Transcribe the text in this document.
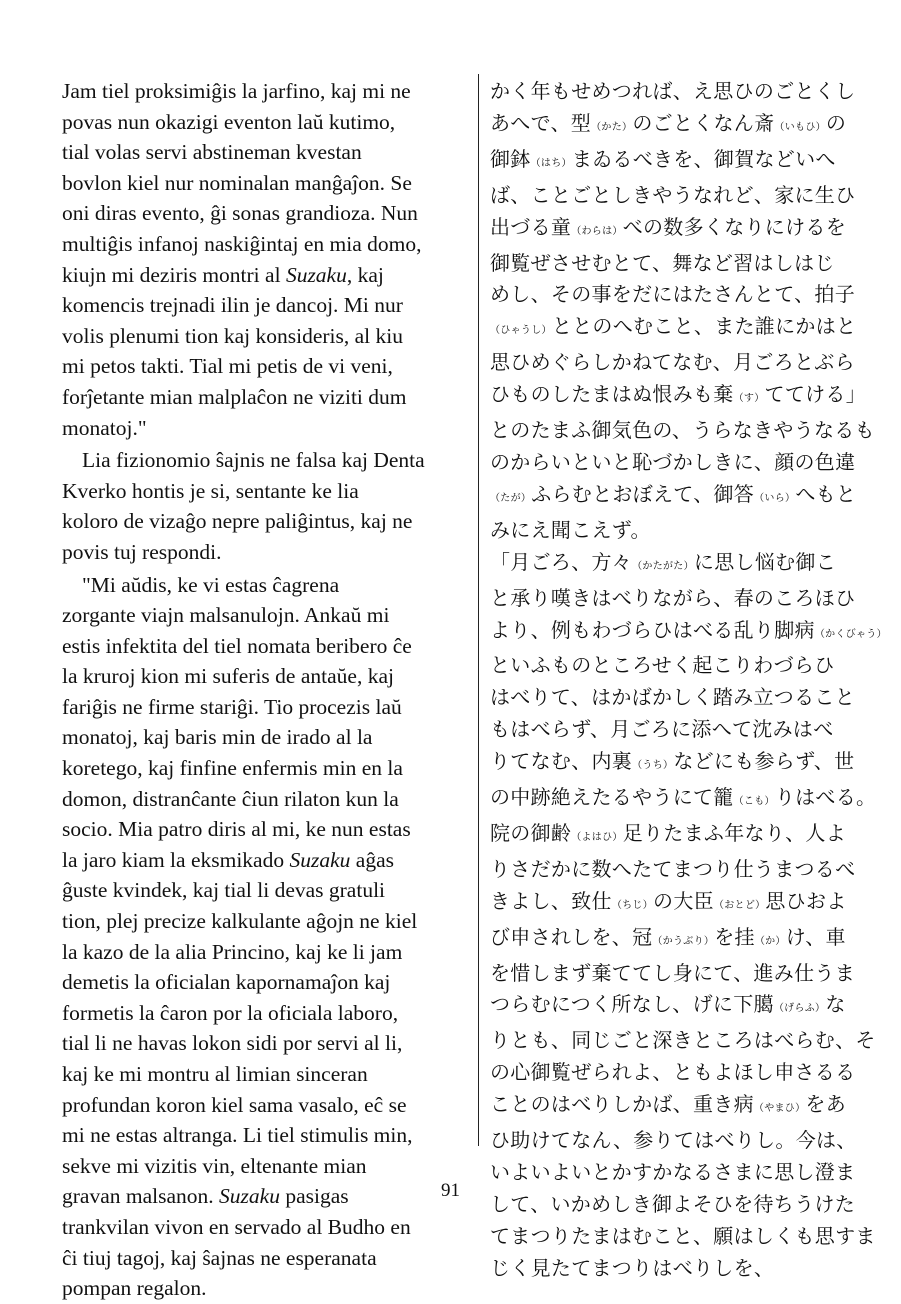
Jam tiel proksimiĝis la jarfino, kaj mi ne
povas nun okazigi eventon laŭ kutimo,
tial volas servi abstineman kvestan
bovlon kiel nur nominalan manĝaĵon. Se
oni diras evento, ĝi sonas grandioza. Nun
multiĝis infanoj naskiĝintaj en mia domo,
kiujn mi deziris montri al Suzaku, kaj
komencis trejnadi ilin je dancoj. Mi nur
volis plenumi tion kaj konsideris, al kiu
mi petos takti. Tial mi petis de vi veni,
forĵetante mian malplaĉon ne viziti dum
monatoj."

Lia fizionomio ŝajnis ne falsa kaj Denta
Kverko hontis je si, sentante ke lia
koloro de vizaĝo nepre paliĝintus, kaj ne
povis tuj respondi.

"Mi aŭdis, ke vi estas ĉagrena
zorgante viajn malsanulojn. Ankaŭ mi
estis infektita del tiel nomata beribero ĉe
la kruroj kion mi suferis de antaŭe, kaj
fariĝis ne firme stariĝi. Tio procezis laŭ
monatoj, kaj baris min de irado al la
koretego, kaj finfine enfermis min en la
domon, distranĉante ĉiun rilaton kun la
socio. Mia patro diris al mi, ke nun estas
la jaro kiam la eksmikado Suzaku aĝas
ĝuste kvindek, kaj tial li devas gratuli
tion, plej precize kalkulante aĝojn ne kiel
la kazo de la alia Princino, kaj ke li jam
demetis la oficialan kapornamaĵon kaj
formetis la ĉaron por la oficiala laboro,
tial li ne havas lokon sidi por servi al li,
kaj ke mi montru al limian sinceran
profundan koron kiel sama vasalo, eĉ se
mi ne estas altranga. Li tiel stimulis min,
sekve mi vizitis vin, eltenante mian
gravan malsanon. Suzaku pasigas
trankvilan vivon en servado al Budho en
ĉi tiuj tagoj, kaj ŝajnas ne esperanata
pompan regalon.

かく年もせめつれば、え思ひのごとくし
あへで、型（かた）のごとくなん斎（いもひ）の
御鉢（はち）まゐるべきを、御賀などいへ
ば、ことごとしきやうなれど、家に生ひ
出づる童（わらは）べの数多くなりにけるを
御覧ぜさせむとて、舞など習はしはじ
めし、その事をだにはたさんとて、拍子
（ひゃうし）ととのへむこと、また誰にかはと
思ひめぐらしかねてなむ、月ごろとぶら
ひものしたまはぬ恨みも棄（す）ててける」
とのたまふ御気色の、うらなきやうなるも
のからいといと恥づかしきに、顔の色違
（たが）ふらむとおぼえて、御答（いら）へもと
みにえ聞こえず。
「月ごろ、方々（かたがた）に思し悩む御こ
と承り嘆きはべりながら、春のころほひ
より、例もわづらひはべる乱り脚病（かくびゃう）
といふものところせく起こりわづらひ
はべりて、はかばかしく踏み立つること
もはべらず、月ごろに添へて沈みはべ
りてなむ、内裏（うち）などにも参らず、世
の中跡絶えたるやうにて籠（こも）りはべる。
院の御齢（よはひ）足りたまふ年なり、人よ
りさだかに数へたてまつり仕うまつるべ
きよし、致仕（ちじ）の大臣（おとど）思ひおよ
び申されしを、冠（かうぶり）を挂（か）け、車
を惜しまず棄ててし身にて、進み仕うま
つらむにつく所なし、げに下臈（げらふ）な
りとも、同じごと深きところはべらむ、そ
の心御覧ぜられよ、ともよほし申さるる
ことのはべりしかば、重き病（やまひ）をあ
ひ助けてなん、参りてはべりし。今は、
いよいよいとかすかなるさまに思し澄ま
して、いかめしき御よそひを待ちうけた
てまつりたまはむこと、願はしくも思すま
じく見たてまつりはべりしを、
91
